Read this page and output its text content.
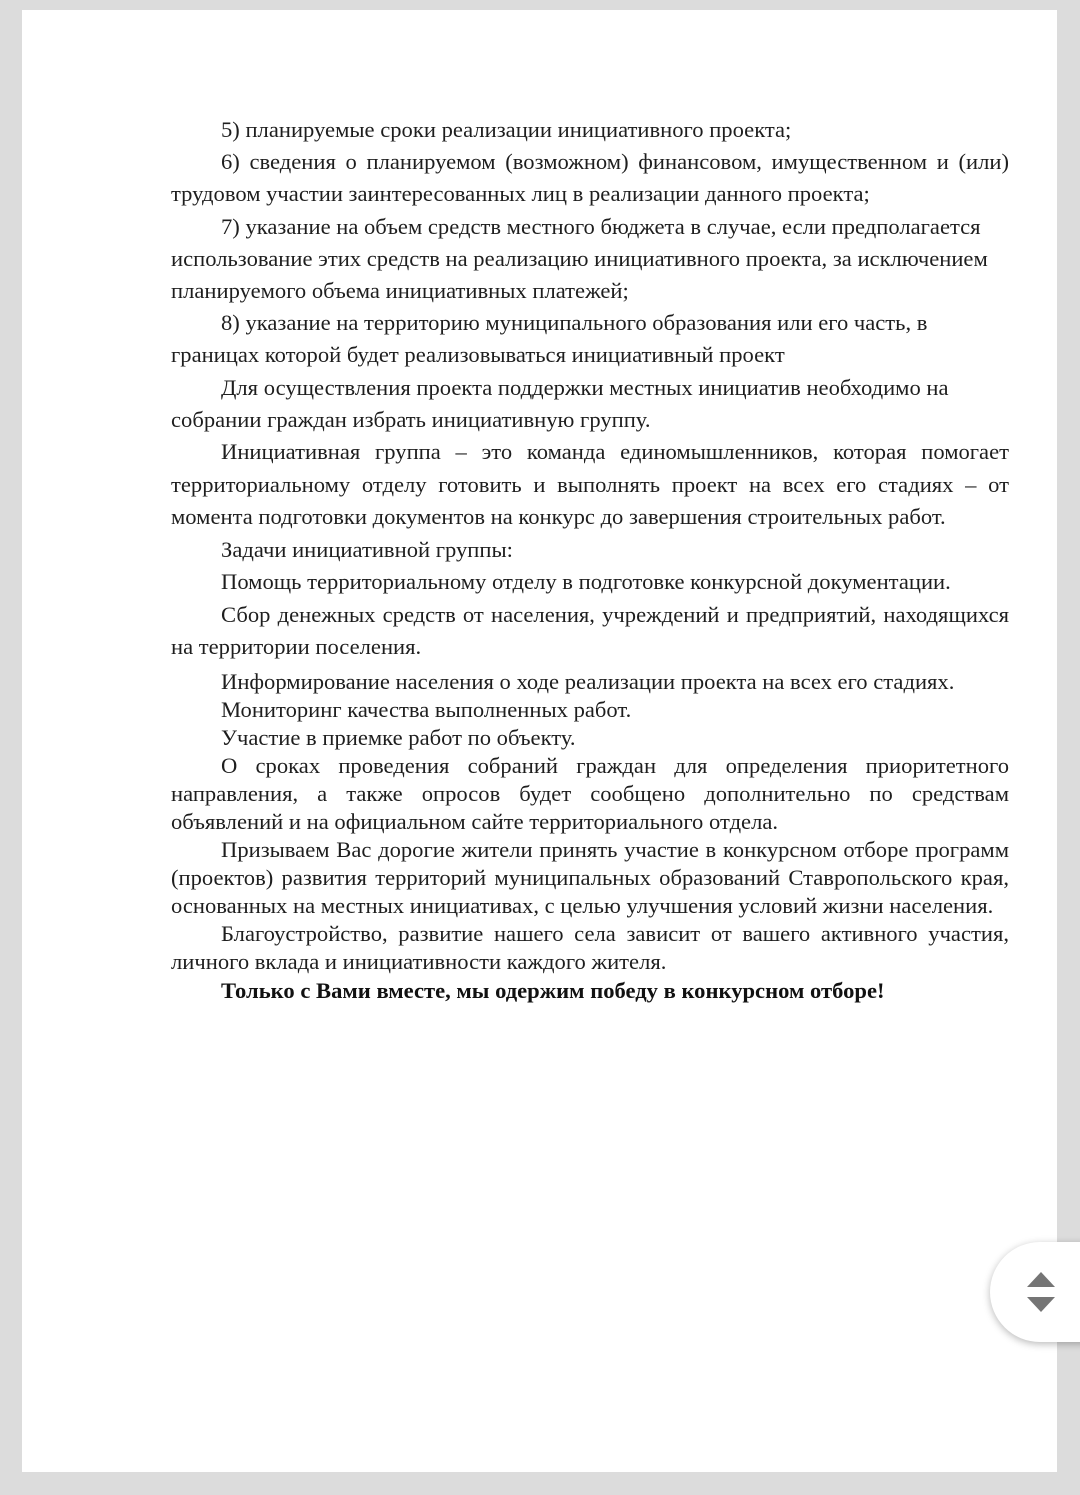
5) планируемые сроки реализации инициативного проекта;

6) сведения о планируемом (возможном) финансовом, имущественном и (или) трудовом участии заинтересованных лиц в реализации данного проекта;

7) указание на объем средств местного бюджета в случае, если предполагается использование этих средств на реализацию инициативного проекта, за исключением планируемого объема инициативных платежей;

8) указание на территорию муниципального образования или его часть, в границах которой будет реализовываться инициативный проект

Для осуществления проекта поддержки местных инициатив необходимо на собрании граждан избрать инициативную группу.

Инициативная группа – это команда единомышленников, которая помогает территориальному отделу готовить и выполнять проект на всех его стадиях – от момента подготовки документов на конкурс до завершения строительных работ.

Задачи инициативной группы:

Помощь территориальному отделу в подготовке конкурсной документации.

Сбор денежных средств от населения, учреждений и предприятий, находящихся на территории поселения.

Информирование населения о ходе реализации проекта на всех его стадиях.

Мониторинг качества выполненных работ.

Участие в приемке работ по объекту.

О сроках проведения собраний граждан для определения приоритетного направления, а также опросов будет сообщено дополнительно по средствам объявлений и на официальном сайте территориального отдела.

Призываем Вас дорогие жители принять участие в конкурсном отборе программ (проектов) развития территорий муниципальных образований Ставропольского края, основанных на местных инициативах, с целью улучшения условий жизни населения.

Благоустройство, развитие нашего села зависит от вашего активного участия, личного вклада и инициативности каждого жителя.

Только с Вами вместе, мы одержим победу в конкурсном отборе!
